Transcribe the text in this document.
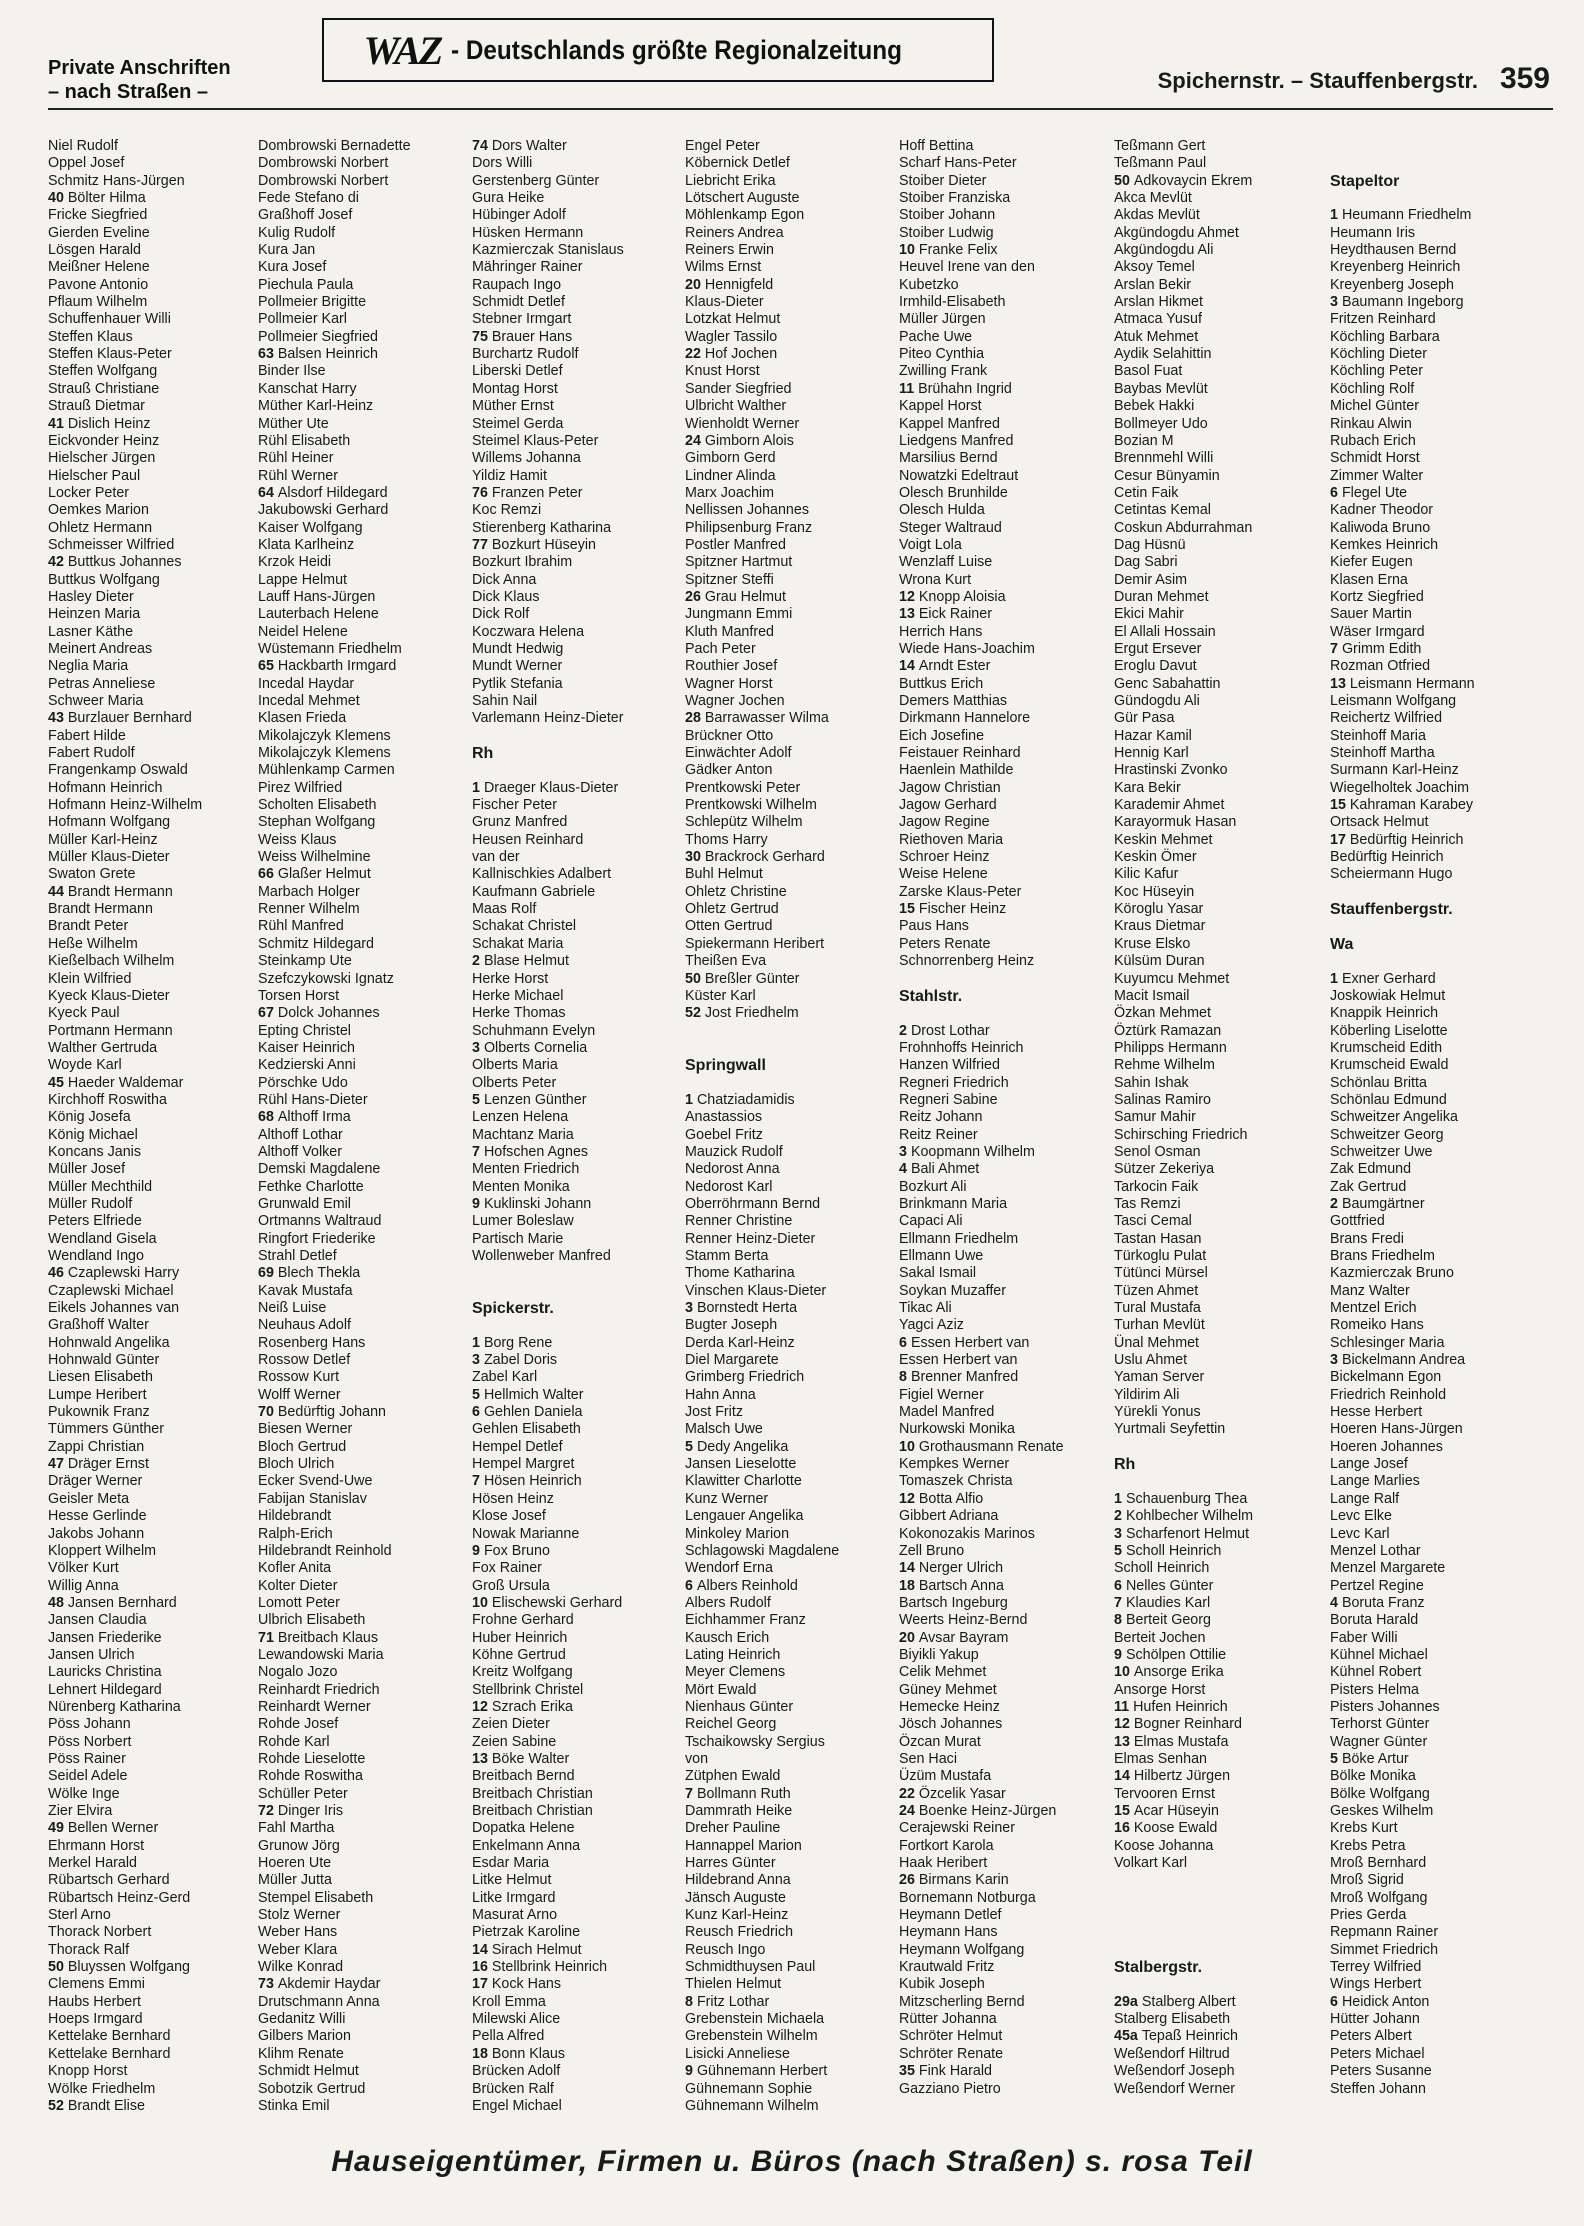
Private Anschriften
– nach Straßen –
WAZ - Deutschlands größte Regionalzeitung
Spichernstr. – Stauffenbergstr. 359
Niel Rudolf
Oppel Josef
Schmitz Hans-Jürgen
40 Bölter Hilma
Fricke Siegfried
Gierden Eveline
Lösgen Harald
Meißner Helene
Pavone Antonio
Pflaum Wilhelm
Schuffenhauer Willi
Steffen Klaus
Steffen Klaus-Peter
Steffen Wolfgang
Strauß Christiane
Strauß Dietmar
41 Dislich Heinz
Eickvonder Heinz
Hielscher Jürgen
Hielscher Paul
Locker Peter
Oemkes Marion
Ohletz Hermann
Schmeisser Wilfried
42 Buttkus Johannes
Buttkus Wolfgang
Hasley Dieter
Heinzen Maria
Lasner Käthe
Meinert Andreas
Neglia Maria
Petras Anneliese
Schweer Maria
43 Burzlauer Bernhard
Fabert Hilde
Fabert Rudolf
Frangenkamp Oswald
Hofmann Heinrich
Hofmann Heinz-Wilhelm
Hofmann Wolfgang
Müller Karl-Heinz
Müller Klaus-Dieter
Swaton Grete
44 Brandt Hermann
Brandt Hermann
Brandt Peter
Heße Wilhelm
Kießelbach Wilhelm
Klein Wilfried
Kyeck Klaus-Dieter
Kyeck Paul
Portmann Hermann
Walther Gertruda
Woyde Karl
45 Haeder Waldemar
Kirchhoff Roswitha
König Josefa
König Michael
Koncans Janis
Müller Josef
Müller Mechthild
Müller Rudolf
Peters Elfriede
Wendland Gisela
Wendland Ingo
46 Czaplewski Harry
Czaplewski Michael
Eikels Johannes van
Graßhoff Walter
Hohnwald Angelika
Hohnwald Günter
Liesen Elisabeth
Lumpe Heribert
Pukownik Franz
Tümmers Günther
Zappi Christian
47 Dräger Ernst
Dräger Werner
Geisler Meta
Hesse Gerlinde
Jakobs Johann
Kloppert Wilhelm
Völker Kurt
Willig Anna
48 Jansen Bernhard
Jansen Claudia
Jansen Friederike
Jansen Ulrich
Lauricks Christina
Lehnert Hildegard
Nürenberg Katharina
Pöss Johann
Pöss Norbert
Pöss Rainer
Seidel Adele
Wölke Inge
Zier Elvira
49 Bellen Werner
Ehrmann Horst
Merkel Harald
Rübartsch Gerhard
Rübartsch Heinz-Gerd
Sterl Arno
Thorack Norbert
Thorack Ralf
50 Bluyssen Wolfgang
Clemens Emmi
Haubs Herbert
Hoeps Irmgard
Kettelake Bernhard
Kettelake Bernhard
Knopp Horst
Wölke Friedhelm
52 Brandt Elise
Dombrowski Bernadette
Dombrowski Norbert
Dombrowski Norbert
Fede Stefano di
Graßhoff Josef
Kulig Rudolf
Kura Jan
Kura Josef
Piechula Paula
Pollmeier Brigitte
Pollmeier Karl
Pollmeier Siegfried
63 Balsen Heinrich
Binder Ilse
Kanschat Harry
Müther Karl-Heinz
Müther Ute
Rühl Elisabeth
Rühl Heiner
Rühl Werner
64 Alsdorf Hildegard
Jakubowski Gerhard
Kaiser Wolfgang
Klata Karlheinz
Krzok Heidi
Lappe Helmut
Lauff Hans-Jürgen
Lauterbach Helene
Neidel Helene
Wüstemann Friedhelm
65 Hackbarth Irmgard
Incedal Haydar
Incedal Mehmet
Klasen Frieda
Mikolajczyk Klemens
Mikolajczyk Klemens
Mühlenkamp Carmen
Pirez Wilfried
Scholten Elisabeth
Stephan Wolfgang
Weiss Klaus
Weiss Wilhelmine
66 Glaßer Helmut
Marbach Holger
Renner Wilhelm
Rühl Manfred
Schmitz Hildegard
Steinkamp Ute
Szefczykowski Ignatz
Torsen Horst
67 Dolck Johannes
Epting Christel
Kaiser Heinrich
Kedzierski Anni
Pörschke Udo
Rühl Hans-Dieter
68 Althoff Irma
Althoff Lothar
Althoff Volker
Demski Magdalene
Fethke Charlotte
Grunwald Emil
Ortmanns Waltraud
Ringfort Friederike
Strahl Detlef
69 Blech Thekla
Kavak Mustafa
Neiß Luise
Neuhaus Adolf
Rosenberg Hans
Rossow Detlef
Rossow Kurt
Wolff Werner
70 Bedürftig Johann
Biesen Werner
Bloch Gertrud
Bloch Ulrich
Ecker Svend-Uwe
Fabijan Stanislav
Hildebrandt
Ralph-Erich
Hildebrandt Reinhold
Kofler Anita
Kolter Dieter
Lomott Peter
Ulbrich Elisabeth
71 Breitbach Klaus
Lewandowski Maria
Nogalo Jozo
Reinhardt Friedrich
Reinhardt Werner
Rohde Josef
Rohde Karl
Rohde Lieselotte
Rohde Roswitha
Schüller Peter
72 Dinger Iris
Fahl Martha
Grunow Jörg
Hoeren Ute
Müller Jutta
Stempel Elisabeth
Stolz Werner
Weber Hans
Weber Klara
Wilke Konrad
73 Akdemir Haydar
Drutschmann Anna
Gedanitz Willi
Gilbers Marion
Klihm Renate
Schmidt Helmut
Sobotzik Gertrud
Stinka Emil
74 Dors Walter
Dors Willi
Gerstenberg Günter
Gura Heike
Hübinger Adolf
Hüsken Hermann
Kazmierczak Stanislaus
Mähringer Rainer
Raupach Ingo
Schmidt Detlef
Stebner Irmgart
75 Brauer Hans
Burchartz Rudolf
Liberski Detlef
Montag Horst
Müther Ernst
Steimel Gerda
Steimel Klaus-Peter
Willems Johanna
Yildiz Hamit
76 Franzen Peter
Koc Remzi
Stierenberg Katharina
77 Bozkurt Hüseyin
Bozkurt Ibrahim
Dick Anna
Dick Klaus
Dick Rolf
Koczwara Helena
Mundt Hedwig
Mundt Werner
Pytlik Stefania
Sahin Nail
Varlemann Heinz-Dieter
Rh
1 Draeger Klaus-Dieter
Fischer Peter
Grunz Manfred
Heusen Reinhard
van der
Kallnischkies Adalbert
Kaufmann Gabriele
Maas Rolf
Schakat Christel
Schakat Maria
2 Blase Helmut
Herke Horst
Herke Michael
Herke Thomas
Schuhmann Evelyn
3 Olberts Cornelia
Olberts Maria
Olberts Peter
5 Lenzen Günther
Lenzen Helena
Machtanz Maria
7 Hofschen Agnes
Menten Friedrich
Menten Monika
9 Kuklinski Johann
Lumer Boleslaw
Partisch Marie
Wollenweber Manfred
Spickerstr.
1 Borg Rene
3 Zabel Doris
Zabel Karl
5 Hellmich Walter
6 Gehlen Daniela
Gehlen Elisabeth
Hempel Detlef
Hempel Margret
7 Hösen Heinrich
Hösen Heinz
Klose Josef
Nowak Marianne
9 Fox Bruno
Fox Rainer
Groß Ursula
10 Elischewski Gerhard
Frohne Gerhard
Huber Heinrich
Köhne Gertrud
Kreitz Wolfgang
Stellbrink Christel
12 Szrach Erika
Zeien Dieter
Zeien Sabine
13 Böke Walter
Breitbach Bernd
Breitbach Christian
Breitbach Christian
Dopatka Helene
Enkelmann Anna
Esdar Maria
Litke Helmut
Litke Irmgard
Masurat Arno
Pietrzak Karoline
14 Sirach Helmut
16 Stellbrink Heinrich
17 Kock Hans
Kroll Emma
Milewski Alice
Pella Alfred
18 Bonn Klaus
Brücken Adolf
Brücken Ralf
Engel Michael
Engel Peter
Köbernick Detlef
Liebricht Erika
Lötschert Auguste
Möhlenkamp Egon
Reiners Andrea
Reiners Erwin
Wilms Ernst
20 Hennigfeld
Klaus-Dieter
Lotzkat Helmut
Wagler Tassilo
22 Hof Jochen
Knust Horst
Sander Siegfried
Ulbricht Walther
Wienholdt Werner
24 Gimborn Alois
Gimborn Gerd
Lindner Alinda
Marx Joachim
Nellissen Johannes
Philipsenburg Franz
Postler Manfred
Spitzner Hartmut
Spitzner Steffi
26 Grau Helmut
Jungmann Emmi
Kluth Manfred
Pach Peter
Routhier Josef
Wagner Horst
Wagner Jochen
28 Barrawasser Wilma
Brückner Otto
Einwächter Adolf
Gädker Anton
Prentkowski Peter
Prentkowski Wilhelm
Schlepütz Wilhelm
Thoms Harry
30 Brackrock Gerhard
Buhl Helmut
Ohletz Christine
Ohletz Gertrud
Otten Gertrud
Spiekermann Heribert
Theißen Eva
50 Breßler Günter
Küster Karl
52 Jost Friedhelm
Springwall
1 Chatziadamidis
Anastassios
Goebel Fritz
Mauzick Rudolf
Nedorost Anna
Nedorost Karl
Oberröhrmann Bernd
Renner Christine
Renner Heinz-Dieter
Stamm Berta
Thome Katharina
Vinschen Klaus-Dieter
3 Bornstedt Herta
Bugter Joseph
Derda Karl-Heinz
Diel Margarete
Grimberg Friedrich
Hahn Anna
Jost Fritz
Malsch Uwe
5 Dedy Angelika
Jansen Lieselotte
Klawitter Charlotte
Kunz Werner
Lengauer Angelika
Minkoley Marion
Schlagowski Magdalene
Wendorf Erna
6 Albers Reinhold
Albers Rudolf
Eichhammer Franz
Kausch Erich
Lating Heinrich
Meyer Clemens
Mört Ewald
Nienhaus Günter
Reichel Georg
Tschaikowsky Sergius
von
Zütphen Ewald
7 Bollmann Ruth
Dammrath Heike
Dreher Pauline
Hannappel Marion
Harres Günter
Hildebrand Anna
Jänsch Auguste
Kunz Karl-Heinz
Reusch Friedrich
Reusch Ingo
Schmidthuysen Paul
Thielen Helmut
8 Fritz Lothar
Grebenstein Michaela
Grebenstein Wilhelm
Lisicki Anneliese
9 Gühnemann Herbert
Gühnemann Sophie
Gühnemann Wilhelm
Hoff Bettina
Scharf Hans-Peter
Stoiber Dieter
Stoiber Franziska
Stoiber Johann
Stoiber Ludwig
10 Franke Felix
Heuvel Irene van den
Kubetzko
Irmhild-Elisabeth
Müller Jürgen
Pache Uwe
Piteo Cynthia
Zwilling Frank
11 Brühahn Ingrid
Kappel Horst
Kappel Manfred
Liedgens Manfred
Marsilius Bernd
Nowatzki Edeltraut
Olesch Brunhilde
Olesch Hulda
Steger Waltraud
Voigt Lola
Wenzlaff Luise
Wrona Kurt
12 Knopp Aloisia
13 Eick Rainer
Herrich Hans
Wiede Hans-Joachim
14 Arndt Ester
Buttkus Erich
Demers Matthias
Dirkmann Hannelore
Eich Josefine
Feistauer Reinhard
Haenlein Mathilde
Jagow Christian
Jagow Gerhard
Jagow Regine
Riethoven Maria
Schroer Heinz
Weise Helene
Zarske Klaus-Peter
15 Fischer Heinz
Paus Hans
Peters Renate
Schnorrenberg Heinz
Stahlstr.
2 Drost Lothar
Frohnhoffs Heinrich
Hanzen Wilfried
Regneri Friedrich
Regneri Sabine
Reitz Johann
Reitz Reiner
3 Koopmann Wilhelm
4 Bali Ahmet
Bozkurt Ali
Brinkmann Maria
Capaci Ali
Ellmann Friedhelm
Ellmann Uwe
Sakal Ismail
Soykan Muzaffer
Tikac Ali
Yagci Aziz
6 Essen Herbert van
Essen Herbert van
8 Brenner Manfred
Figiel Werner
Madel Manfred
Nurkowski Monika
10 Grothausmann Renate
Kempkes Werner
Tomaszek Christa
12 Botta Alfio
Gibbert Adriana
Kokonozakis Marinos
Zell Bruno
14 Nerger Ulrich
18 Bartsch Anna
Bartsch Ingeburg
Weerts Heinz-Bernd
20 Avsar Bayram
Biyikli Yakup
Celik Mehmet
Güney Mehmet
Hemecke Heinz
Jösch Johannes
Özcan Murat
Sen Haci
Üzüm Mustafa
22 Özcelik Yasar
24 Boenke Heinz-Jürgen
Cerajewski Reiner
Fortkort Karola
Haak Heribert
26 Birmans Karin
Bornemann Notburga
Heymann Detlef
Heymann Hans
Heymann Wolfgang
Krautwald Fritz
Kubik Joseph
Mitzscherling Bernd
Rütter Johanna
Schröter Helmut
Schröter Renate
35 Fink Harald
Gazziano Pietro
Teßmann Gert
Teßmann Paul
50 Adkovaycin Ekrem
Akca Mevlüt
Akdas Mevlüt
Akgündogdu Ahmet
Akgündogdu Ali
Aksoy Temel
Arslan Bekir
Arslan Hikmet
Atmaca Yusuf
Atuk Mehmet
Aydik Selahittin
Basol Fuat
Baybas Mevlüt
Bebek Hakki
Bollmeyer Udo
Bozian M
Brennmehl Willi
Cesur Bünyamin
Cetin Faik
Cetintas Kemal
Coskun Abdurrahman
Dag Hüsnü
Dag Sabri
Demir Asim
Duran Mehmet
Ekici Mahir
El Allali Hossain
Ergut Ersever
Eroglu Davut
Genc Sabahattin
Gündogdu Ali
Gür Pasa
Hazar Kamil
Hennig Karl
Hrastinski Zvonko
Kara Bekir
Karademir Ahmet
Karayormuk Hasan
Keskin Mehmet
Keskin Ömer
Kilic Kafur
Koc Hüseyin
Köroglu Yasar
Kraus Dietmar
Kruse Elsko
Külsüm Duran
Kuyumcu Mehmet
Macit Ismail
Özkan Mehmet
Öztürk Ramazan
Philipps Hermann
Rehme Wilhelm
Sahin Ishak
Salinas Ramiro
Samur Mahir
Schirsching Friedrich
Senol Osman
Sützer Zekeriya
Tarkocin Faik
Tas Remzi
Tasci Cemal
Tastan Hasan
Türkoglu Pulat
Tütünci Mürsel
Tüzen Ahmet
Tural Mustafa
Turhan Mevlüt
Ünal Mehmet
Uslu Ahmet
Yaman Server
Yildirim Ali
Yürekli Yonus
Yurtmali Seyfettin
Rh
1 Schauenburg Thea
2 Kohlbecher Wilhelm
3 Scharfenort Helmut
5 Scholl Heinrich
Scholl Heinrich
6 Nelles Günter
7 Klaudies Karl
8 Berteit Georg
Berteit Jochen
9 Schölpen Ottilie
10 Ansorge Erika
Ansorge Horst
11 Hufen Heinrich
12 Bogner Reinhard
13 Elmas Mustafa
Elmas Senhan
14 Hilbertz Jürgen
Tervooren Ernst
15 Acar Hüseyin
16 Koose Ewald
Koose Johanna
Volkart Karl
Stalbergstr.
29a Stalberg Albert
Stalberg Elisabeth
45a Tepaß Heinrich
Weßendorf Hiltrud
Weßendorf Joseph
Weßendorf Werner
Stapeltor
1 Heumann Friedhelm
Heumann Iris
Heydthausen Bernd
Kreyenberg Heinrich
Kreyenberg Joseph
3 Baumann Ingeborg
Fritzen Reinhard
Köchling Barbara
Köchling Dieter
Köchling Peter
Köchling Rolf
Michel Günter
Rinkau Alwin
Rubach Erich
Schmidt Horst
Zimmer Walter
6 Flegel Ute
Kadner Theodor
Kaliwoda Bruno
Kemkes Heinrich
Kiefer Eugen
Klasen Erna
Kortz Siegfried
Sauer Martin
Wäser Irmgard
7 Grimm Edith
Rozman Otfried
13 Leismann Hermann
Leismann Wolfgang
Reichertz Wilfried
Steinhoff Maria
Steinhoff Martha
Surmann Karl-Heinz
Wiegelholtek Joachim
15 Kahraman Karabey
Ortsack Helmut
17 Bedürftig Heinrich
Bedürftig Heinrich
Scheiermann Hugo
Stauffenbergstr.
Wa
1 Exner Gerhard
Joskowiak Helmut
Knappik Heinrich
Köberling Liselotte
Krumscheid Edith
Krumscheid Ewald
Schönlau Britta
Schönlau Edmund
Schweitzer Angelika
Schweitzer Georg
Schweitzer Uwe
Zak Edmund
Zak Gertrud
2 Baumgärtner
Gottfried
Brans Fredi
Brans Friedhelm
Kazmierczak Bruno
Manz Walter
Mentzel Erich
Romeiko Hans
Schlesinger Maria
3 Bickelmann Andrea
Bickelmann Egon
Friedrich Reinhold
Hesse Herbert
Hoeren Hans-Jürgen
Hoeren Johannes
Lange Josef
Lange Marlies
Lange Ralf
Levc Elke
Levc Karl
Menzel Lothar
Menzel Margarete
Pertzel Regine
4 Boruta Franz
Boruta Harald
Faber Willi
Kühnel Michael
Kühnel Robert
Pisters Helma
Pisters Johannes
Terhorst Günter
Wagner Günter
5 Böke Artur
Bölke Monika
Bölke Wolfgang
Geskes Wilhelm
Krebs Kurt
Krebs Petra
Mroß Bernhard
Mroß Sigrid
Mroß Wolfgang
Pries Gerda
Repmann Rainer
Simmet Friedrich
Terrey Wilfried
Wings Herbert
6 Heidick Anton
Hütter Johann
Peters Albert
Peters Michael
Peters Susanne
Steffen Johann
Hauseigentümer, Firmen u. Büros (nach Straßen) s. rosa Teil
